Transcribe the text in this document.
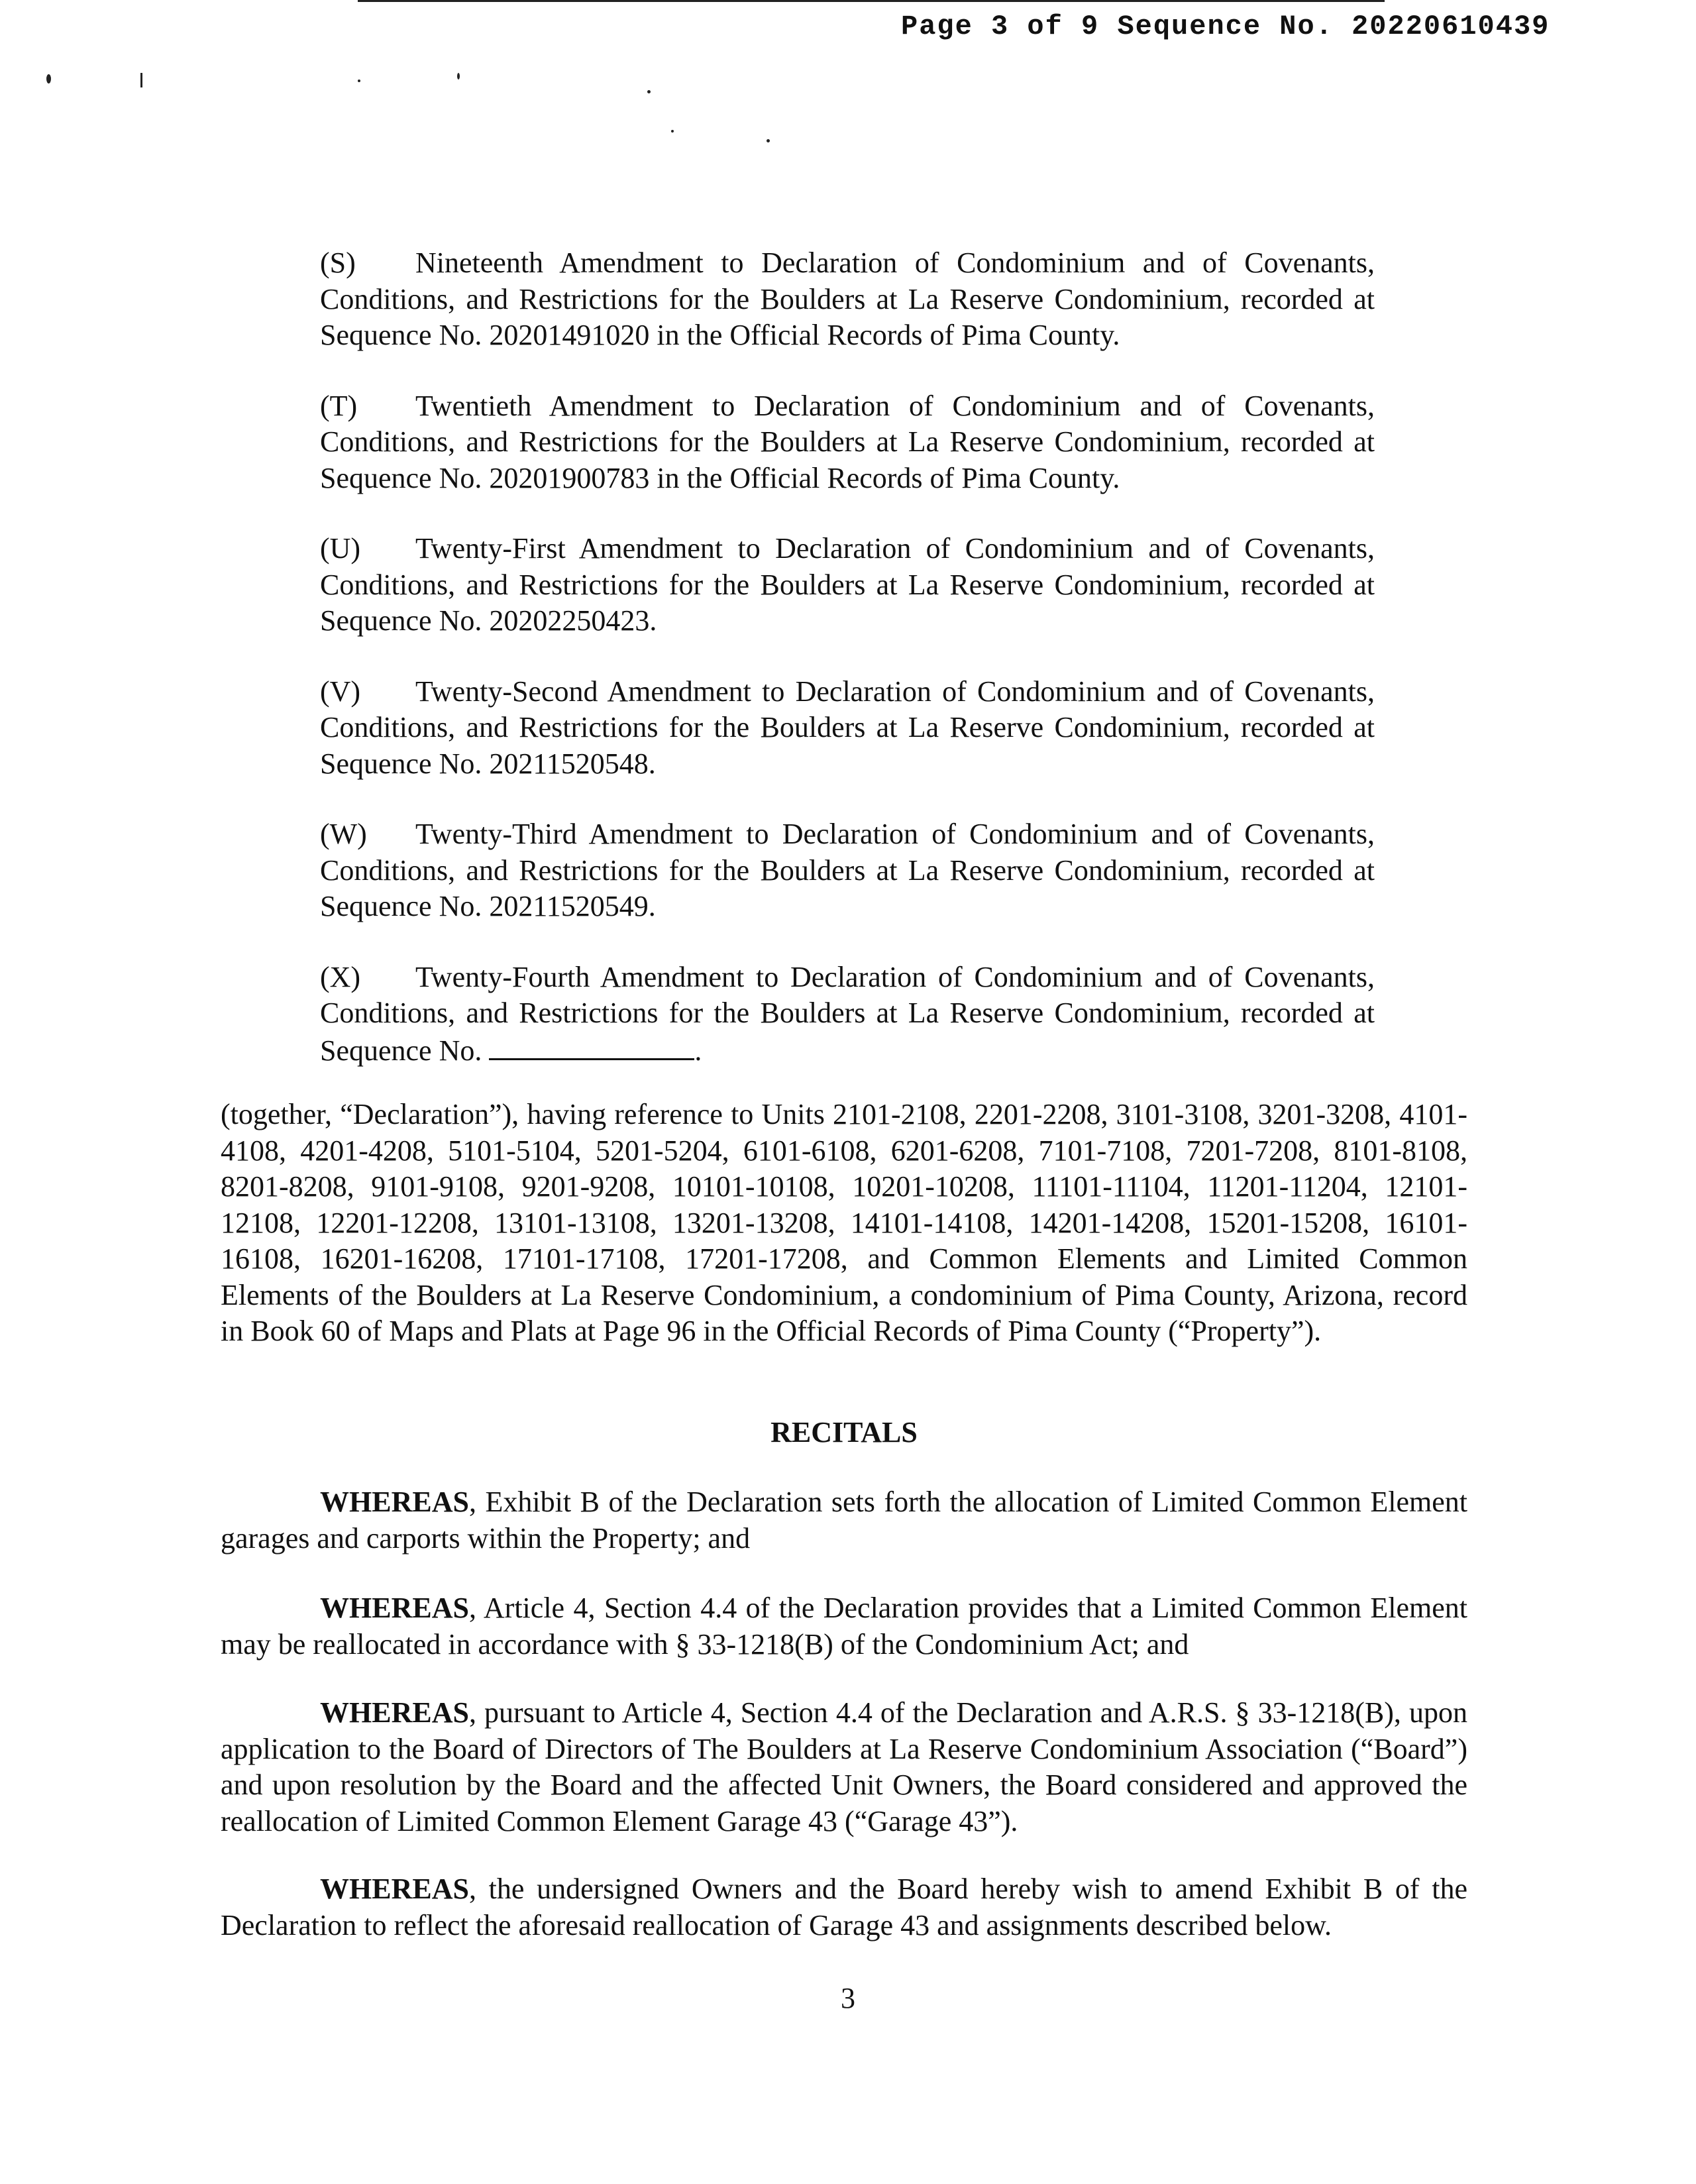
Page 3 of 9 Sequence No. 20220610439

(S) Nineteenth Amendment to Declaration of Condominium and of Covenants, Conditions, and Restrictions for the Boulders at La Reserve Condominium, recorded at Sequence No. 20201491020 in the Official Records of Pima County.

(T) Twentieth Amendment to Declaration of Condominium and of Covenants, Conditions, and Restrictions for the Boulders at La Reserve Condominium, recorded at Sequence No. 20201900783 in the Official Records of Pima County.

(U) Twenty-First Amendment to Declaration of Condominium and of Covenants, Conditions, and Restrictions for the Boulders at La Reserve Condominium, recorded at Sequence No. 20202250423.

(V) Twenty-Second Amendment to Declaration of Condominium and of Covenants, Conditions, and Restrictions for the Boulders at La Reserve Condominium, recorded at Sequence No. 20211520548.

(W) Twenty-Third Amendment to Declaration of Condominium and of Covenants, Conditions, and Restrictions for the Boulders at La Reserve Condominium, recorded at Sequence No. 20211520549.

(X) Twenty-Fourth Amendment to Declaration of Condominium and of Covenants, Conditions, and Restrictions for the Boulders at La Reserve Condominium, recorded at Sequence No.	.

(together, “Declaration”), having reference to Units 2101-2108, 2201-2208, 3101-3108, 3201-3208, 4101-4108, 4201-4208, 5101-5104, 5201-5204, 6101-6108, 6201-6208, 7101-7108, 7201-7208, 8101-8108, 8201-8208, 9101-9108, 9201-9208, 10101-10108, 10201-10208, 11101-11104, 11201-11204, 12101-12108, 12201-12208, 13101-13108, 13201-13208, 14101-14108, 14201-14208, 15201-15208, 16101-16108, 16201-16208, 17101-17108, 17201-17208, and Common Elements and Limited Common Elements of the Boulders at La Reserve Condominium, a condominium of Pima County, Arizona, record in Book 60 of Maps and Plats at Page 96 in the Official Records of Pima County (“Property”).

RECITALS

WHEREAS, Exhibit B of the Declaration sets forth the allocation of Limited Common Element garages and carports within the Property; and

WHEREAS, Article 4, Section 4.4 of the Declaration provides that a Limited Common Element may be reallocated in accordance with § 33-1218(B) of the Condominium Act; and

WHEREAS, pursuant to Article 4, Section 4.4 of the Declaration and A.R.S. § 33-1218(B), upon application to the Board of Directors of The Boulders at La Reserve Condominium Association (“Board”) and upon resolution by the Board and the affected Unit Owners, the Board considered and approved the reallocation of Limited Common Element Garage 43 (“Garage 43”).

WHEREAS, the undersigned Owners and the Board hereby wish to amend Exhibit B of the Declaration to reflect the aforesaid reallocation of Garage 43 and assignments described below.

3
